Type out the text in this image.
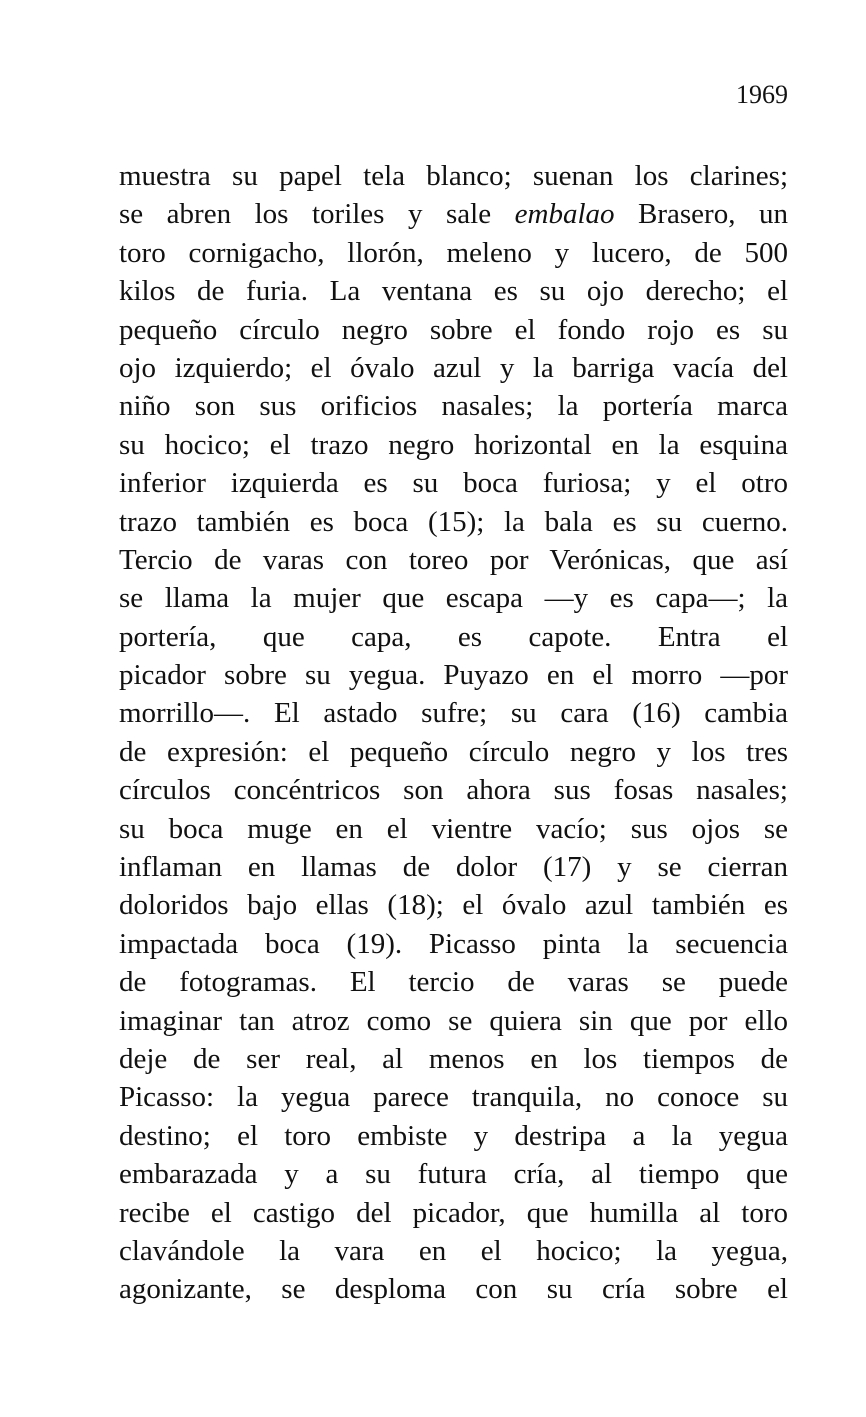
1969
muestra su papel tela blanco; suenan los clarines;
se abren los toriles y sale embalao Brasero, un
toro cornigacho, llorón, meleno y lucero, de 500
kilos de furia. La ventana es su ojo derecho; el
pequeño círculo negro sobre el fondo rojo es su
ojo izquierdo; el óvalo azul y la barriga vacía del
niño son sus orificios nasales; la portería marca
su hocico; el trazo negro horizontal en la esquina
inferior izquierda es su boca furiosa; y el otro
trazo también es boca (15); la bala es su cuerno.
Tercio de varas con toreo por Verónicas, que así
se llama la mujer que escapa —y es capa—; la
portería, que capa, es capote. Entra el
picador sobre su yegua. Puyazo en el morro —por
morrillo—. El astado sufre; su cara (16) cambia
de expresión: el pequeño círculo negro y los tres
círculos concéntricos son ahora sus fosas nasales;
su boca muge en el vientre vacío; sus ojos se
inflaman en llamas de dolor (17) y se cierran
doloridos bajo ellas (18); el óvalo azul también es
impactada boca (19). Picasso pinta la secuencia
de fotogramas. El tercio de varas se puede
imaginar tan atroz como se quiera sin que por ello
deje de ser real, al menos en los tiempos de
Picasso: la yegua parece tranquila, no conoce su
destino; el toro embiste y destripa a la yegua
embarazada y a su futura cría, al tiempo que
recibe el castigo del picador, que humilla al toro
clavándole la vara en el hocico; la yegua,
agonizante, se desploma con su cría sobre el
